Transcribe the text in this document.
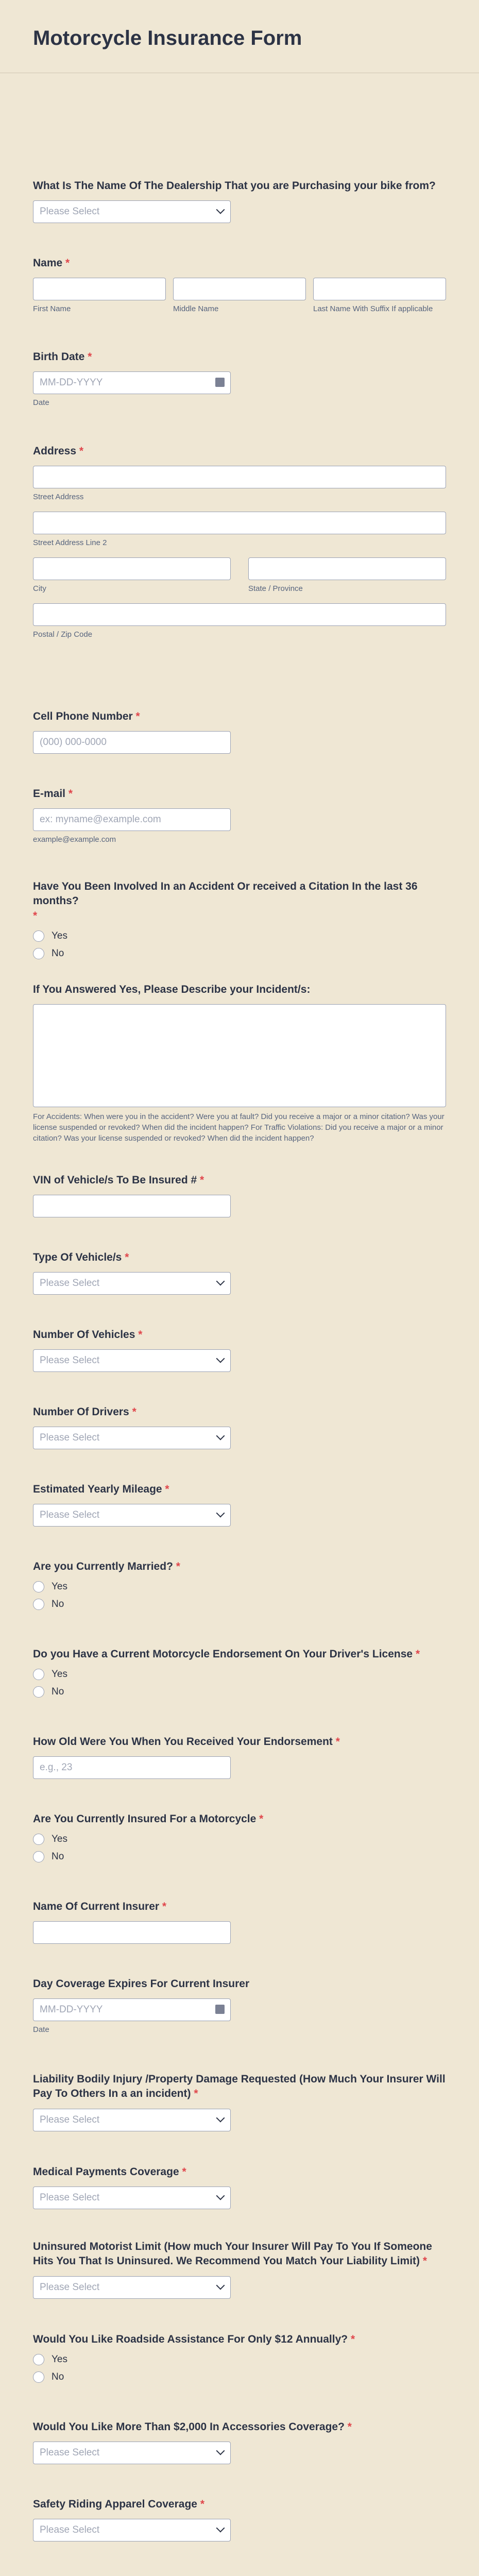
Motorcycle Insurance Form
What Is The Name Of The Dealership That you are Purchasing your bike from?
Please Select
Name *
First Name	Middle Name	Last Name With Suffix If applicable
Birth Date *
MM-DD-YYYY
Date
Address *
Street Address
Street Address Line 2
City	State / Province
Postal / Zip Code
Cell Phone Number *
(000) 000-0000
E-mail *
ex: myname@example.com
example@example.com
Have You Been Involved In an Accident Or received a Citation In the last 36 months?
*
Yes
No
If You Answered Yes, Please Describe your Incident/s:
For Accidents: When were you in the accident? Were you at fault? Did you receive a major or a minor citation? Was your license suspended or revoked? When did the incident happen? For Traffic Violations: Did you receive a major or a minor citation? Was your license suspended or revoked? When did the incident happen?
VIN of Vehicle/s To Be Insured # *
Type Of Vehicle/s *
Please Select
Number Of Vehicles *
Please Select
Number Of Drivers *
Please Select
Estimated Yearly Mileage *
Please Select
Are you Currently Married? *
Yes
No
Do you Have a Current Motorcycle Endorsement On Your Driver's License *
Yes
No
How Old Were You When You Received Your Endorsement *
e.g., 23
Are You Currently Insured For a Motorcycle *
Yes
No
Name Of Current Insurer *
Day Coverage Expires For Current Insurer
MM-DD-YYYY
Date
Liability Bodily Injury /Property Damage Requested (How Much Your Insurer Will Pay To Others In a an incident) *
Please Select
Medical Payments Coverage *
Please Select
Uninsured Motorist Limit (How much Your Insurer Will Pay To You If Someone Hits You That Is Uninsured. We Recommend You Match Your Liability Limit) *
Please Select
Would You Like Roadside Assistance For Only $12 Annually? *
Yes
No
Would You Like More Than $2,000 In Accessories Coverage? *
Please Select
Safety Riding Apparel Coverage *
Please Select
